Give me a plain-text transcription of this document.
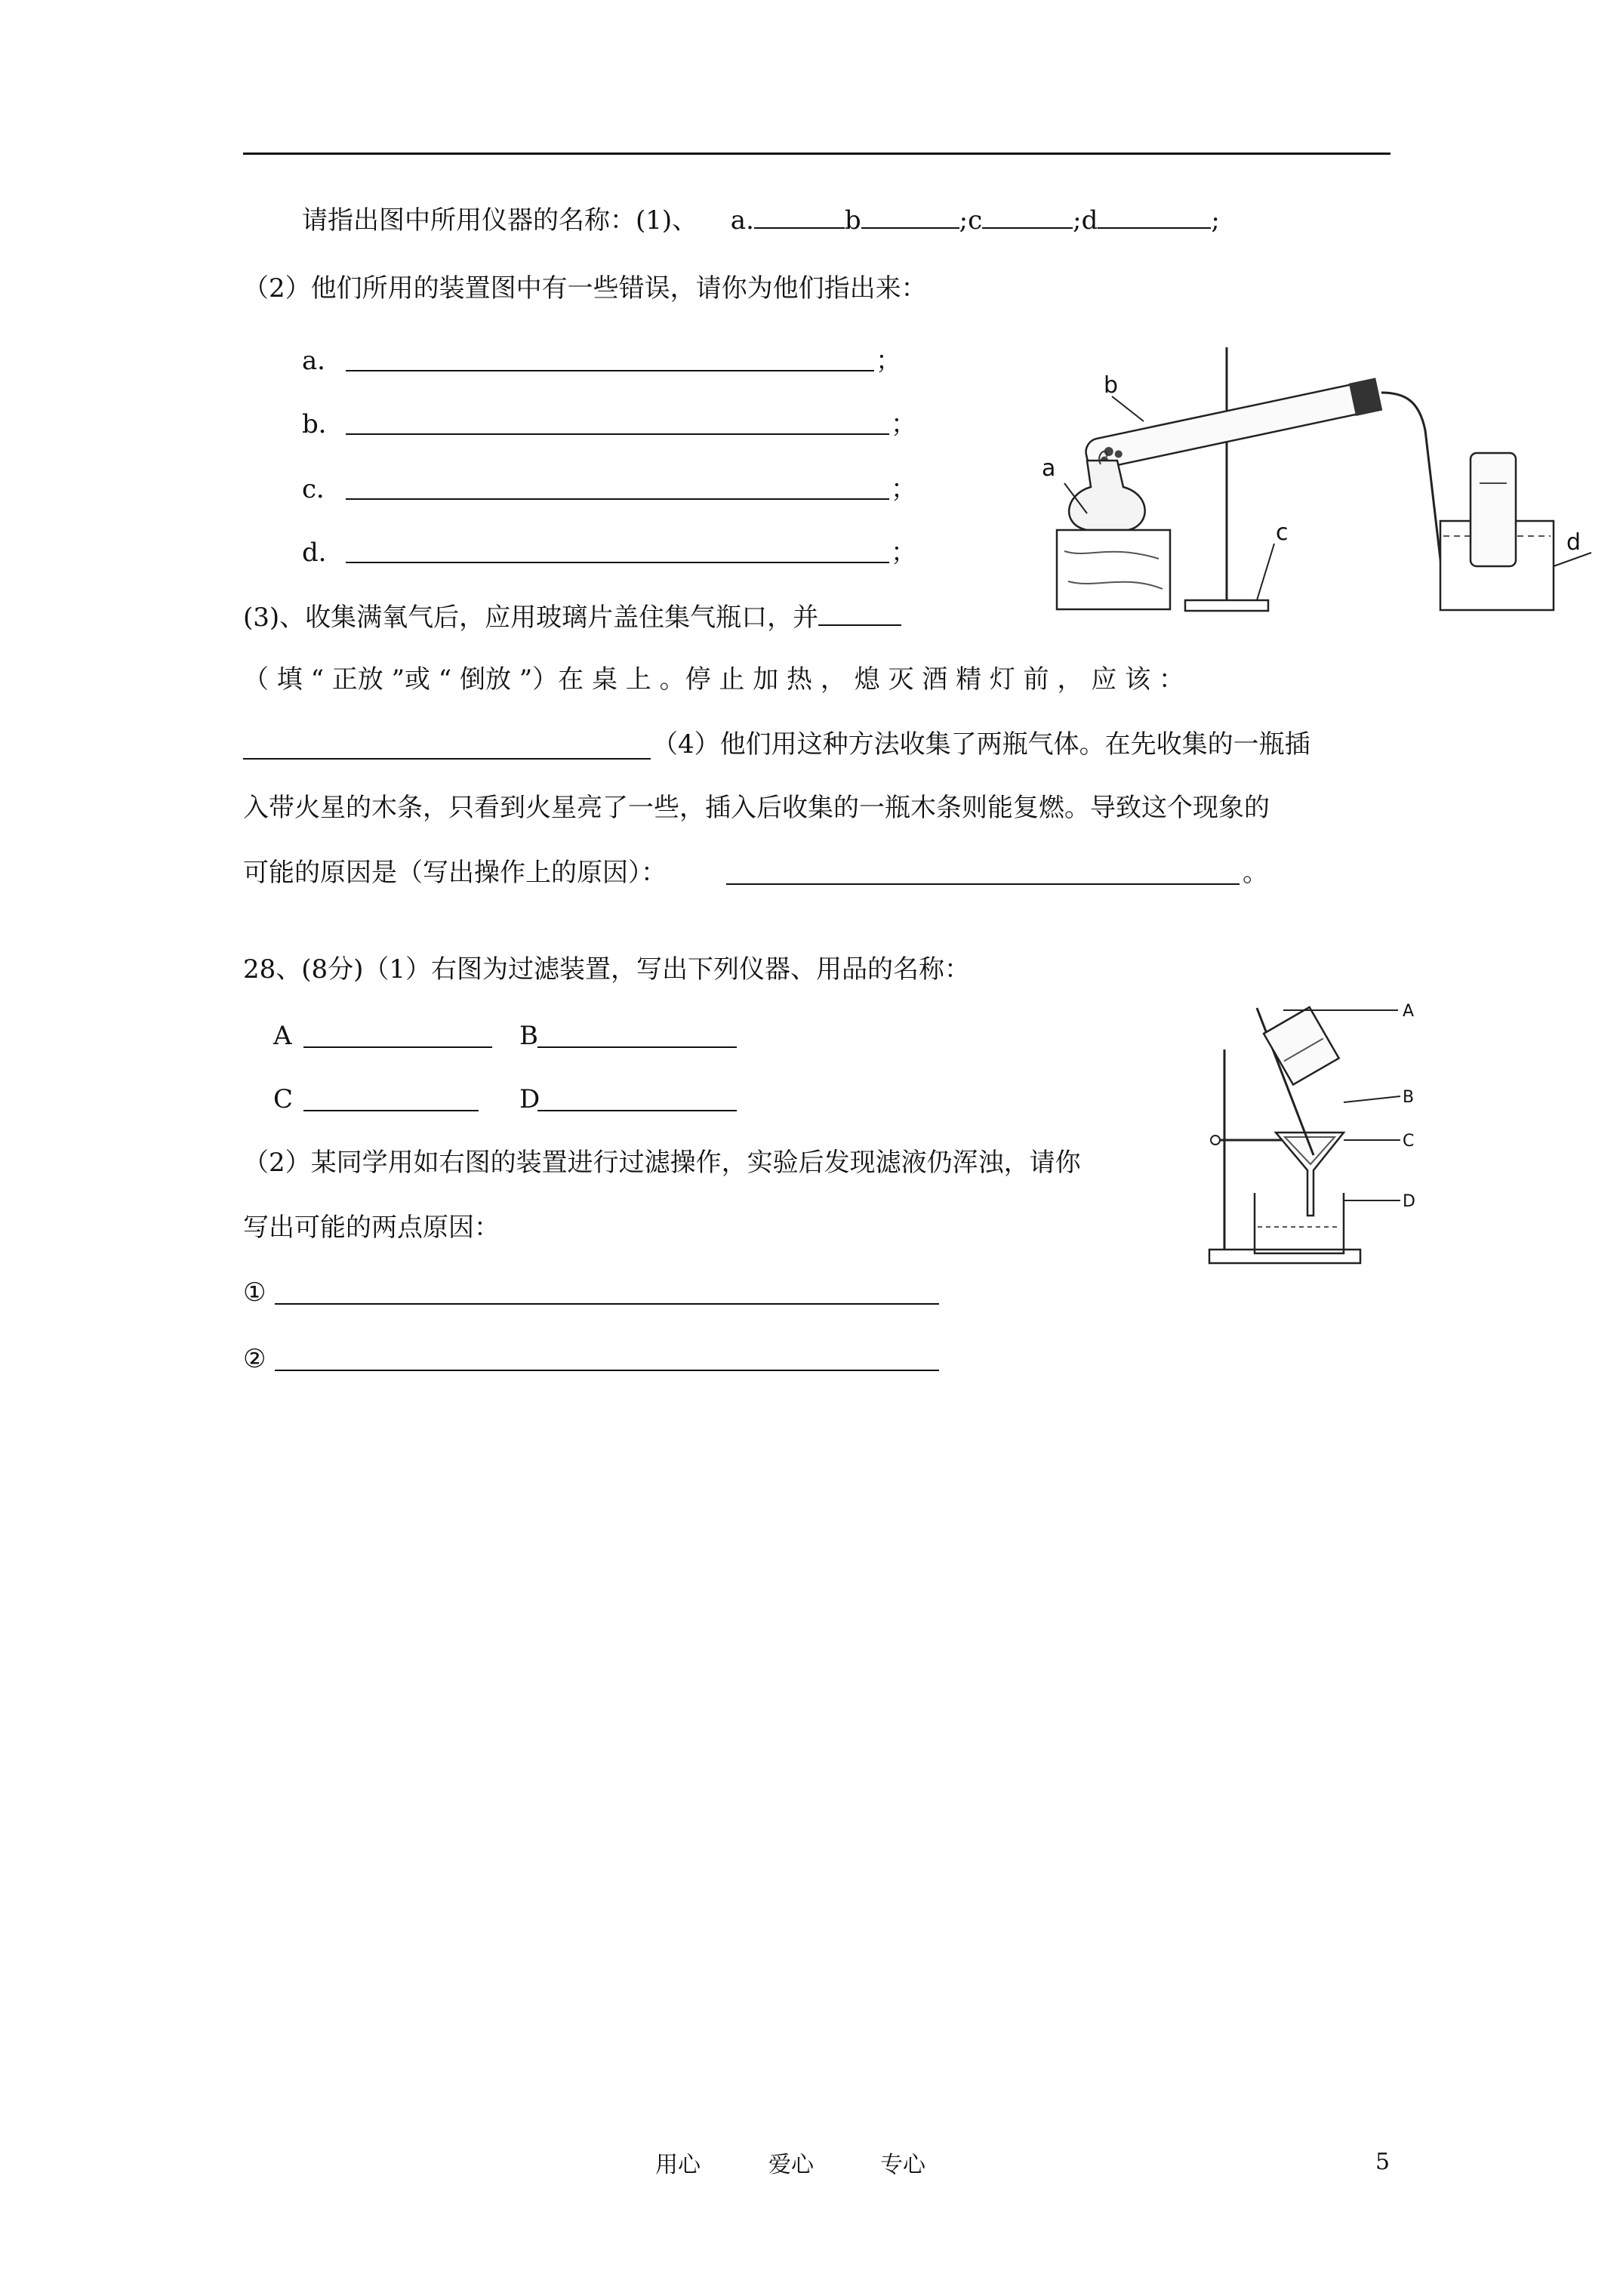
请指出图中所用仪器的名称：(1)、 a.	b	;c	;d	;
（2）他们所用的装置图中有一些错误，请你为他们指出来：
a．	；
b．	；
c．	；
d．	；
(3)、收集满氧气后，应用玻璃片盖住集气瓶口，并
（ 填 “ 正放 ”或 “ 倒放 ”）在 桌 上 。停 止 加 热 ， 熄 灭 酒 精 灯 前 ， 应 该 ：
（4）他们用这种方法收集了两瓶气体。在先收集的一瓶插
入带火星的木条，只看到火星亮了一些，插入后收集的一瓶木条则能复燃。导致这个现象的
可能的原因是（写出操作上的原因）：	。
a
b
c	d
28、(8分)（1）右图为过滤装置，写出下列仪器、用品的名称：
A	B
C	D
（2）某同学用如右图的装置进行过滤操作，实验后发现滤液仍浑浊，请你
写出可能的两点原因：
①
②
A
B
C
D
用心	爱心	专心	5
